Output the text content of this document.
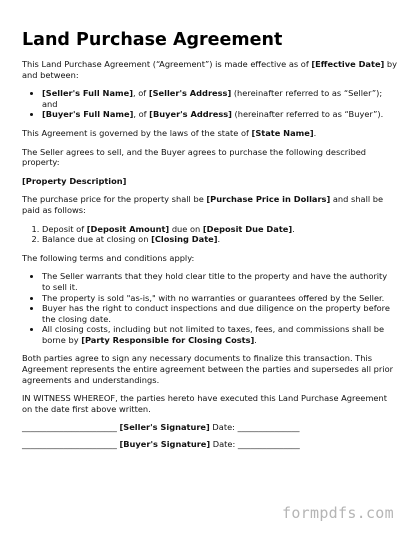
Land Purchase Agreement

This Land Purchase Agreement (“Agreement”) is made effective as of [Effective Date] by and between:

• [Seller's Full Name], of [Seller's Address] (hereinafter referred to as “Seller”); and
• [Buyer's Full Name], of [Buyer's Address] (hereinafter referred to as “Buyer”).

This Agreement is governed by the laws of the state of [State Name].

The Seller agrees to sell, and the Buyer agrees to purchase the following described property:

[Property Description]

The purchase price for the property shall be [Purchase Price in Dollars] and shall be paid as follows:

1. Deposit of [Deposit Amount] due on [Deposit Due Date].
2. Balance due at closing on [Closing Date].

The following terms and conditions apply:

• The Seller warrants that they hold clear title to the property and have the authority to sell it.
• The property is sold "as-is," with no warranties or guarantees offered by the Seller.
• Buyer has the right to conduct inspections and due diligence on the property before the closing date.
• All closing costs, including but not limited to taxes, fees, and commissions shall be borne by [Party Responsible for Closing Costs].

Both parties agree to sign any necessary documents to finalize this transaction. This Agreement represents the entire agreement between the parties and supersedes all prior agreements and understandings.

IN WITNESS WHEREOF, the parties hereto have executed this Land Purchase Agreement on the date first above written.

_______________________ [Seller's Signature] Date: _______________
_______________________ [Buyer's Signature] Date: _______________
formpdfs.com
